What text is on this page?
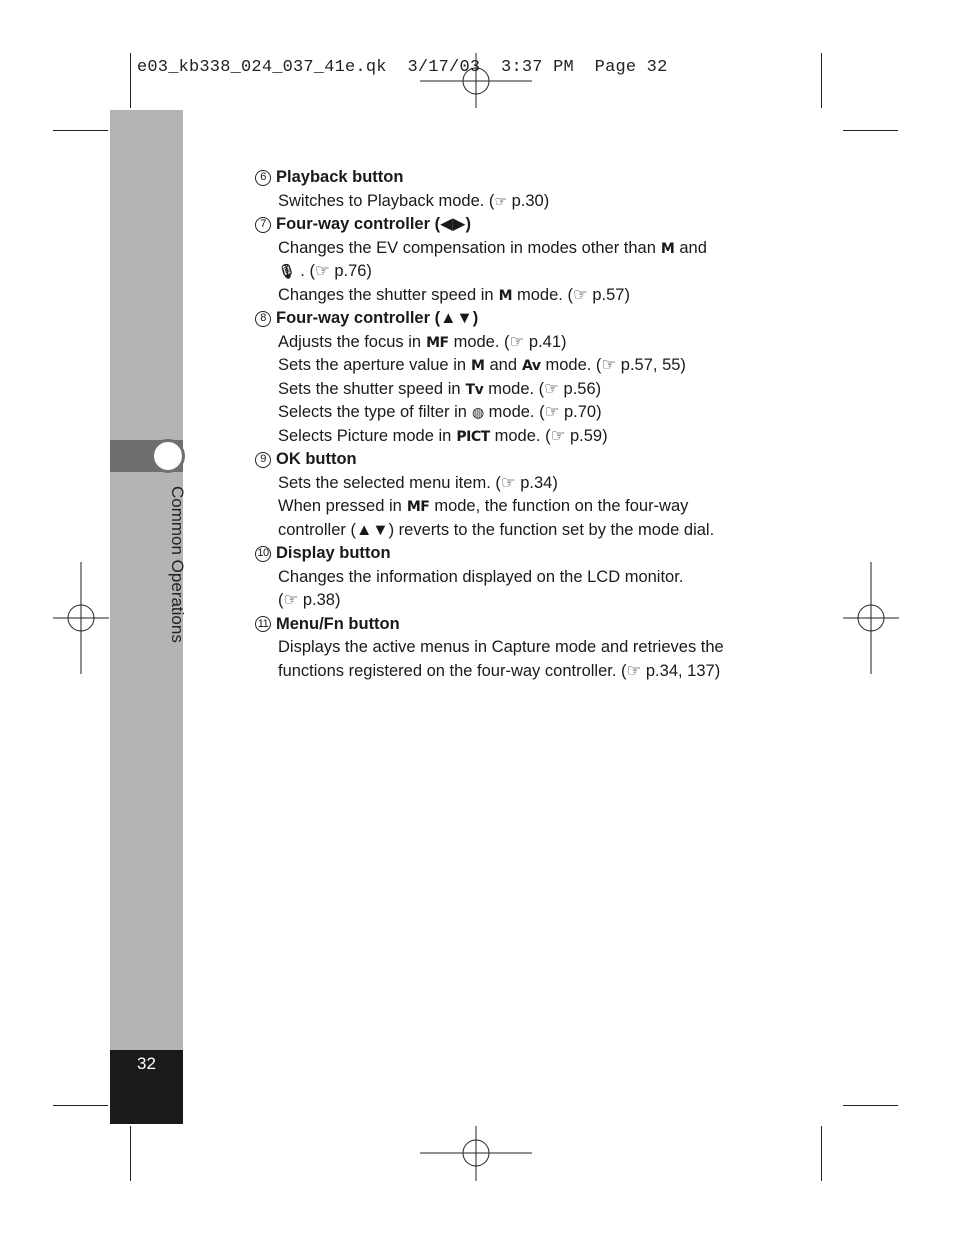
e03_kb338_024_037_41e.qk  3/17/03  3:37 PM  Page 32
Common Operations
32
6 Playback button
Switches to Playback mode. (☞ p.30)
7 Four-way controller (◀▶)
Changes the EV compensation in modes other than M and
🎙 . (☞ p.76)
Changes the shutter speed in M mode. (☞ p.57)
8 Four-way controller (▲▼)
Adjusts the focus in MF mode. (☞ p.41)
Sets the aperture value in M and Av mode. (☞ p.57, 55)
Sets the shutter speed in Tv mode. (☞ p.56)
Selects the type of filter in ◍ mode. (☞ p.70)
Selects Picture mode in PICT mode. (☞ p.59)
9 OK button
Sets the selected menu item. (☞ p.34)
When pressed in MF mode, the function on the four-way
controller (▲▼) reverts to the function set by the mode dial.
10 Display button
Changes the information displayed on the LCD monitor.
(☞ p.38)
11 Menu/Fn button
Displays the active menus in Capture mode and retrieves the
functions registered on the four-way controller. (☞ p.34, 137)
